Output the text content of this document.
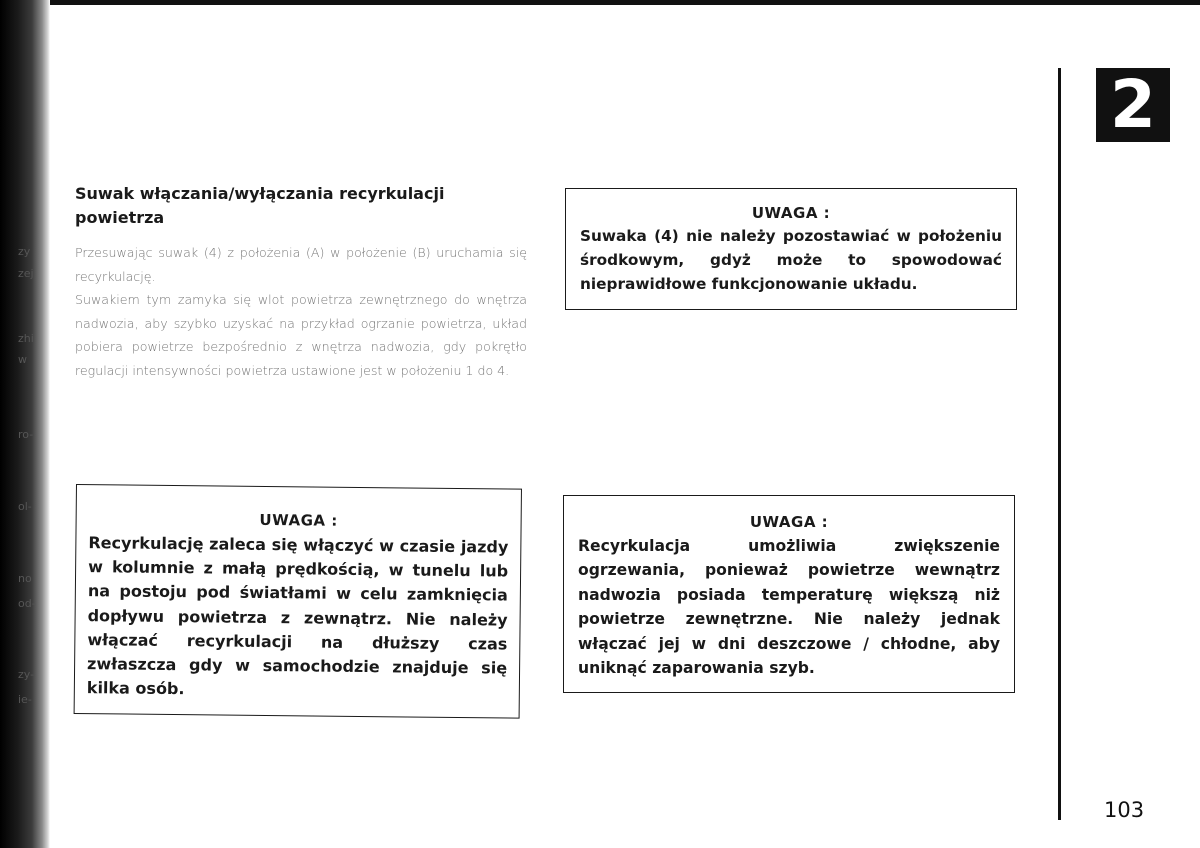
zy
zej
zhi
w
ro-
ol-
no
od-
zy-
ie-
2
Suwak włączania/wyłączania recyrkulacji powietrza

Przesuwając suwak (4) z położenia (A) w położenie (B) uruchamia się recyrkulację.

Suwakiem tym zamyka się wlot powietrza zewnętrznego do wnętrza nadwozia, aby szybko uzyskać na przykład ogrzanie powietrza, układ pobiera powietrze bezpośrednio z wnętrza nadwozia, gdy pokrętło regulacji intensywności powietrza ustawione jest w położeniu 1 do 4.

UWAGA :
Suwaka (4) nie należy pozostawiać w położeniu środkowym, gdyż może to spowodować nieprawidłowe funkcjonowanie układu.
UWAGA :
Recyrkulację zaleca się włączyć w czasie jazdy w kolumnie z małą prędkością, w tunelu lub na postoju pod światłami w celu zamknięcia dopływu powietrza z zewnątrz. Nie należy włączać recyrkulacji na dłuższy czas zwłaszcza gdy w samochodzie znajduje się kilka osób.
UWAGA :
Recyrkulacja umożliwia zwiększenie ogrzewania, ponieważ powietrze wewnątrz nadwozia posiada temperaturę większą niż powietrze zewnętrzne. Nie należy jednak włączać jej w dni deszczowe / chłodne, aby uniknąć zaparowania szyb.
103
